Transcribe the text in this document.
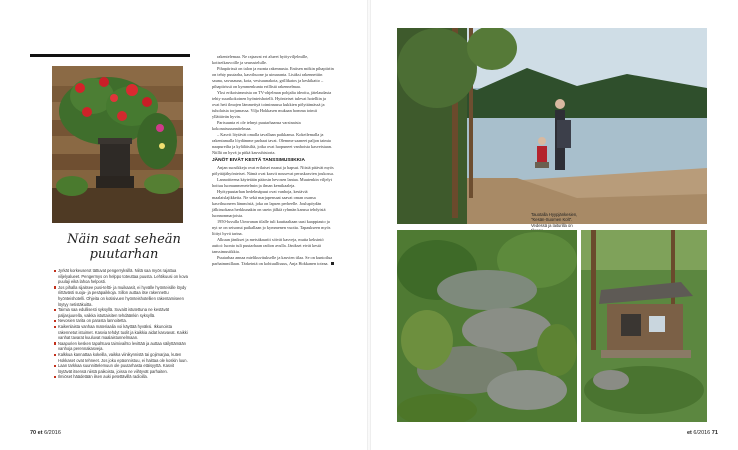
Näin saat seheän puutarhan
Jyrkät korkeuserot tättuvat pengerryksillä. Niitä saa myös rajattua viljelyalueet. Pengermys on helppo toteuttaa puusta. Lehtikuusi on kova puulaji eikä lahoa helposti.
Jos pihalla sijaitsee pusi-teltti- ja muikaasit, ei hyvälle hyönteisille löydy riittävästi suoja- ja pesäpaikkoja. Sillon auttaa itse rakennettu hyönteishotelli. Ohjeita on kotisivuen hyönteishotellien rakentamiseen löytyy netistäkuitta.
Taimia saa edullisesti syksyllä. Suvaitt istutettuna ne kestävät paljasjuurella, vaikka istuttaisiten tehdäänkin syksyllä.
Nevosien tarita on parasta lannoitetta.
Kaikenlaista vanhaa materiaalia voi käyttää hyväksi. Ikkunoista rakennetut istuimet. Kasvia tehdyt tuolit ja kaikkia aidat kasvavat. Kaikki vanhat tavarat kuuluvat maalaistunnelmaan.
Naapurien kesken tapahtuva taimivaihto levittää ja auttaa säilyttämään vanhoja perennakasveja.
Kalkkua kannattaa kokeilla, vaikka viinikynnistä tai gojimarjaa, kuten Hokkaset ovat tehneet. Jos joku epäonnistuu, ei haittaa ole koskin luun.
Laan tarkkaa suunnittelemuun ole puutarhasta etäisyyttä. Kasvit löytävät itsensä niistä paikoista, joissa ne viihtyvät parhaiten.
Ilmiöset häädetään ilsen auki petettävillä radioilla.

rakentelemaa. Ne rajaavat eri alueet hyötyviljelmille, kotiseikasvoille ja seurustelulle.

Pihapiirissä on talon ja monta rakennusta. Entisen mökin pihapiiriin on tehty puutarha, kasvihuone ja uimaranta. Lisäksi rakennettiin sauna, savusauna, kota, vesisaunakota, grillikatos ja keskikatto – pihapiirissä on kymmenkunta erillistä rakennelmaa.

Yksi erikoisimmista on TV-ohjelman pohjalta ideoitu, jätelaudasta tehty suurikokoinen hyönteishotelli. Hyönteiset tulevat hotelliin ja ovat heti ilmojen lämmettyä toiminnassa kukkien pölyttämässä ja tuholaisia torjumassa. Vilja Hokkasen mukaan homma toimii yllättävän hyvin.

Parisuunta ei ole tehnyt puutarhaansa varsinaista kokonaissuunnitelmaa.

– Kasvit löytävät omalla tavallaan paikkansa. Kokeilemalla ja rakentamalla löydämme parhaat tavat. Olemme saaneet paljon taimia naapureilta ja kyläläisiltä, jotka ovat luopuneet vanhoista kasveistaan. Niillä on hyvä ja pitkä kasvuhistoria.

JÄNÖT EIVÄT KESTÄ TANSSIMUSIIKKIA

Anjan suosikkeja ovat erilaiset ruusut ja hapsut. Niistä pitävät myös pölyttäjähyönteiset. Nämä ovat kasvit nousevat peruskasvien joukossa.

Lannoitteena käytetään pääosin hevosen lantaa. Muutenkin viljelyt hoituu luomunmenetelmin ja ilman kemikaaleja.

Hyötypuutarhan hedelmäpuut ovat vanhoja, kestäviä maalaislajikkeita. Ne sekä marjapensaat saavat oman osansa kasvihuoneen lämmöstä, joka on lapsen perheelle. Joulupöydän jälkiruokana herkkunakin on usein jälkiä ryhmän kanssa tehdyistä luonnonmarjoista.

1950-luvulla Uimvanan tilalle tuli kauttaaltaan uusi kaappiauto ja nyt se on seisonut paikallaan jo kymmenen vuotta. Tapaukseen myös liittyi hyvä tarina.

Alkuun jänikset ja metsäkauriit söivät kasveja, mutta keksintö auttoi: luonto tuli puutarhaan radion avulla. Jänikset eivät kestä tanssimusiikkia.

Puutarhaa annaa mielikuvitukselle ja kasvien tilaa. Se on kuntoilua parhaimmillaan. Tärkeintä on kohtuullisuus, Anja Hokkanen toteaa.

70 et 6/2016
Tauotalla Hyypjänkesien, "Kesän-Suomen Kolt". Vedessä ja laiturilla on
et 6/2016 71
